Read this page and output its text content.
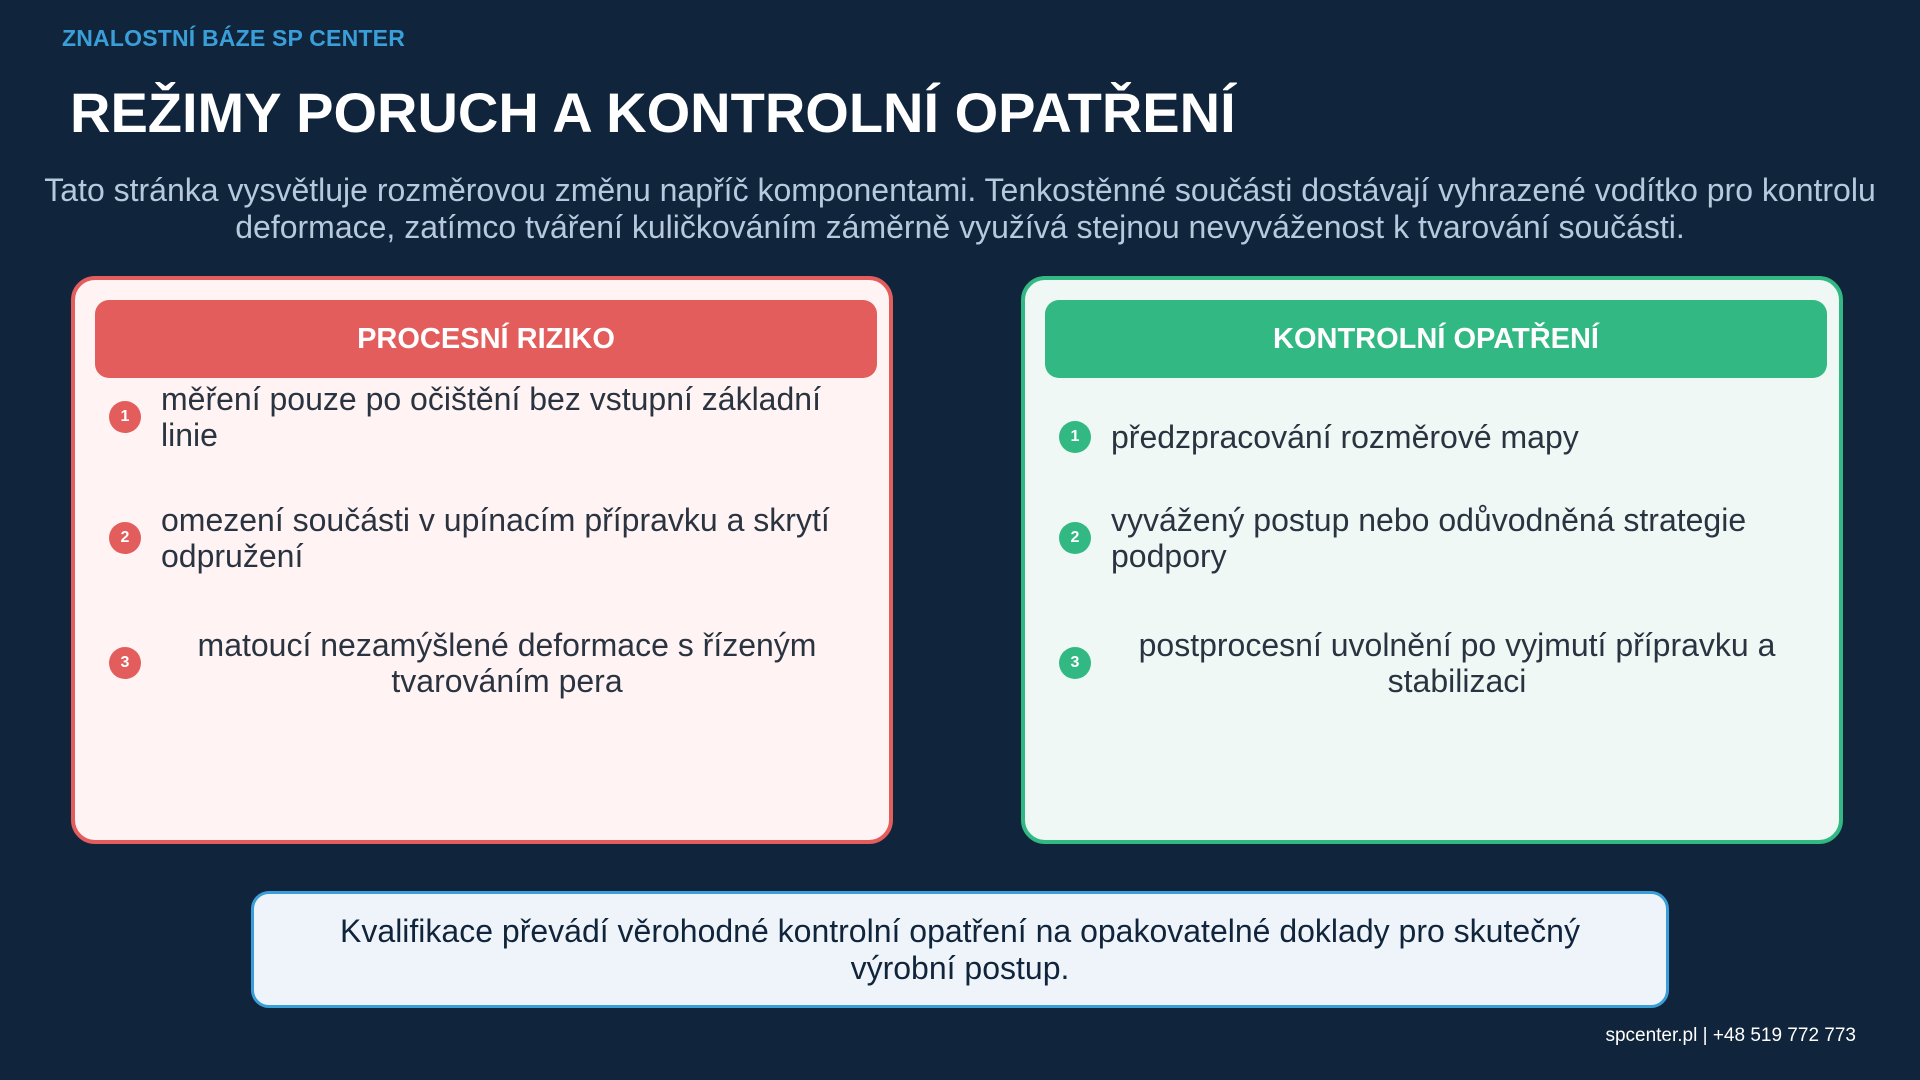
ZNALOSTNÍ BÁZE SP CENTER
REŽIMY PORUCH A KONTROLNÍ OPATŘENÍ
Tato stránka vysvětluje rozměrovou změnu napříč komponentami. Tenkostěnné součásti dostávají vyhrazené vodítko pro kontrolu deformace, zatímco tváření kuličkováním záměrně využívá stejnou nevyváženost k tvarování součásti.
PROCESNÍ RIZIKO
1 měření pouze po očištění bez vstupní základní linie
2 omezení součásti v upínacím přípravku a skrytí odpružení
3	matoucí nezamýšlené deformace s řízeným tvarováním pera
KONTROLNÍ OPATŘENÍ
1 předzpracování rozměrové mapy
2 vyvážený postup nebo odůvodněná strategie podpory
3	postprocesní uvolnění po vyjmutí přípravku a stabilizaci
Kvalifikace převádí věrohodné kontrolní opatření na opakovatelné doklady pro skutečný výrobní postup.
spcenter.pl | +48 519 772 773
